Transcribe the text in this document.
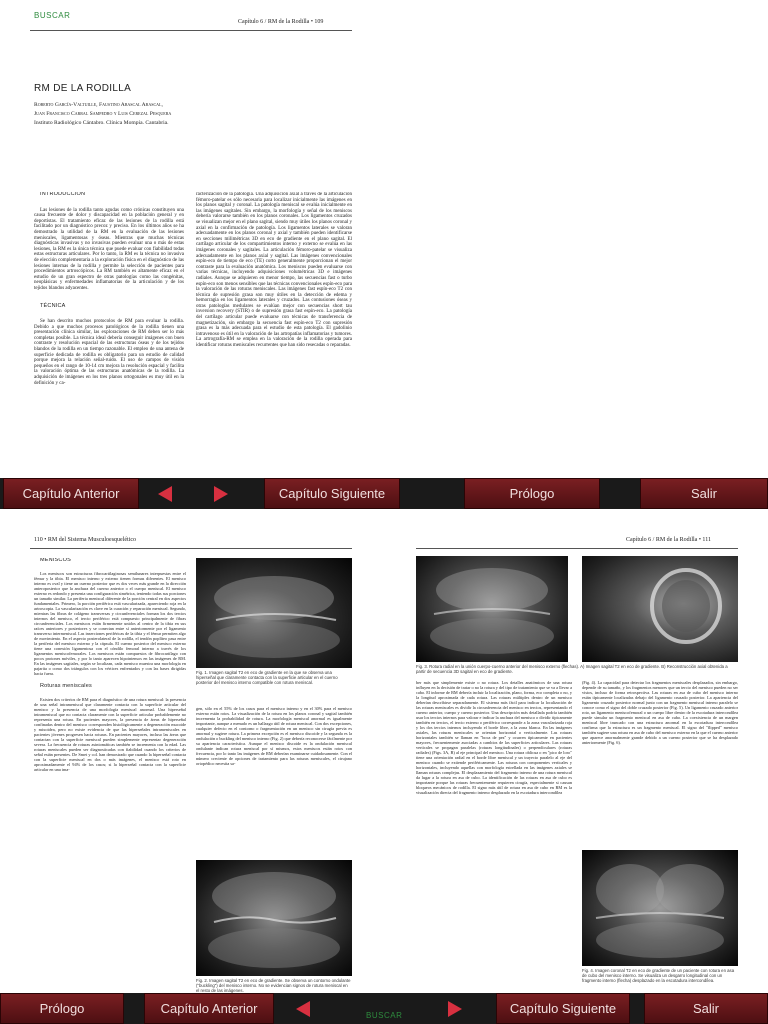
BUSCAR
Capítulo 6 / RM de la Rodilla • 109
RM DE LA RODILLA
Roberto García-Valtuille, Faustino Abascal Abascal,
Juan Francisco Carral Sampedro y Luis Cerezal Pesquera
Instituto Radiológico Cántabro. Clínica Mompía. Cantabria.

INTRODUCCIÓN

Las lesiones de la rodilla tanto agudas como crónicas constituyen una causa frecuente de dolor y discapacidad en la población general y en deportistas. El tratamiento eficaz de las lesiones de la rodilla está facilitado por un diagnóstico precoz y preciso. En los últimos años se ha demostrado la utilidad de la RM en la evaluación de las lesiones meniscales, ligamentosas y óseas. Mientras que muchas técnicas diagnósticas invasivas y no invasivas pueden evaluar una o más de estas lesiones, la RM es la única técnica que puede evaluar con fiabilidad todas estas estructuras articulares. Por lo tanto, la RM es la técnica no invasiva de elección complementaria a la exploración física en el diagnóstico de las lesiones internas de la rodilla y permite la selección de pacientes para procedimientos artroscópicos. La RM también es altamente eficaz en el estudio de un gran espectro de otras patologías como las congénitas, neoplásicas y enfermedades inflamatorias de la articulación y de los tejidos blandos adyacentes.

TÉCNICA

Se han descrito muchos protocolos de RM para evaluar la rodilla. Debido a que muchos procesos patológicos de la rodilla tienen una presentación clínica similar, las exploraciones de RM deben ser lo más completas posible. La técnica ideal debería conseguir imágenes con buen contraste y resolución espacial de las estructuras óseas y de los tejidos blandos de la rodilla en un tiempo razonable. El empleo de una antena de superficie dedicada de rodilla es obligatorio para un estudio de calidad porque mejora la relación señal-ruido. El uso de campos de visión pequeños en el rango de 10-14 cm mejora la resolución espacial y facilita la valoración óptima de las estructuras anatómicas de la rodilla. La adquisición de imágenes en los tres planos ortogonales es muy útil en la definición y ca-

racterización de la patología. Una adquisición axial a través de la articulación fémoro-patelar es sólo necesaria para localizar inicialmente las imágenes en los planos sagital y coronal. La patología meniscal se evalúa inicialmente en las imágenes sagitales. Sin embargo, la morfología y señal de los meniscos debería valorarse también en los planos coronales. Los ligamentos cruzados se visualizan mejor en el plano sagital, siendo muy útiles los planos coronal y axial en la confirmación de patología. Los ligamentos laterales se valoran adecuadamente en los planos coronal y axial y también pueden identificarse en secciones milimétricas 3D en eco de gradiente en el plano sagital. El cartílago articular de los compartimientos interno y externo se evalúa en las imágenes coronales y sagitales. La articulación fémoro-patelar se visualiza adecuadamente en los planos axial y sagital. Las imágenes convencionales espín-eco de tiempo de eco (TE) corto generalmente proporcionan el mejor contraste para la evaluación anatómica. Los meniscos pueden evaluarse con varias técnicas, incluyendo adquisiciones volumétricas 3D e imágenes radiales. Aunque se adquieren en menor tiempo, las secuencias fast o turbo espín-eco son menos sensibles que las técnicas convencionales espín-eco para la valoración de las roturas meniscales. Las imágenes fast espín-eco T2 con técnica de supresión grasa son muy útiles en la detección de edema y hemorragia en los ligamentos laterales y cruzados. Las contusiones óseas y otras patologías medulares se evalúan mejor con secuencias short tau inversion recovery (STIR) o de supresión grasa fast espín-eco. La patología del cartílago articular puede evaluarse con técnicas de transferencia de magnetización, sin embargo la secuencia fast espín-eco T2 con supresión grasa es la más adecuada para el estudio de esta patología. El gadolinio intravenoso es útil en la valoración de las artropatías inflamatorias y tumores. La artrografía-RM se emplea en la valoración de la rodilla operada para identificar roturas meniscales recurrentes que han sido resecadas o reparadas.

Capítulo Anterior	Capítulo Siguiente	Prólogo	Salir
110 • RM del Sistema Musculoesquelético

MENISCOS

Los meniscos son estructuras fibrocartilaginosas semilunares interpuestas entre el fémur y la tibia. El menisco interno y externo tienen formas diferentes. El menisco interno es oval y tiene un cuerno posterior que es dos veces más grande en la dirección anteroposterior que la anchura del cuerno anterior o el cuerpo meniscal. El menisco externo es redondo y presenta una configuración simétrica, teniendo todas sus porciones un tamaño similar. La periferia meniscal diferente de la porción central en dos aspectos fundamentales. Primero, la porción periférica está vascularizada, apareciendo roja en la artroscopia. La vascularización es clave en la curación y reparación meniscal. Segundo, mientras las fibras de colágeno transversas y circunferenciales forman los dos tercios internos del menisco, el tercio periférico está compuesto principalmente de fibras circunferenciales. Los meniscos están firmemente unidos al centro de la tibia en sus raíces anteriores y posteriores y se conectan entre sí anteriormente por el ligamento transverso intermeniscal. Las inserciones periféricas de la tibia y el fémur permiten algo de movimiento. En el aspecto posterolateral de la rodilla, el tendón poplíteo pasa entre la periferia del menisco externo y la cápsula. El cuerno posterior del menisco externo tiene una conexión ligamentosa con el cóndilo femoral interno a través de los ligamentos meniscofemorales. Los meniscos están compuestos de fibrocartílago con pocos protones móviles, y por lo tanto aparecen hipointensos en las imágenes de RM. En las imágenes sagitales, según se localizan, cada menisco muestra una morfología en pajarita o como dos triángulos con los vértices enfrentados y con las bases dirigidas hacia fuera.

Roturas meniscales

Existen dos criterios de RM para el diagnóstico de una rotura meniscal: la presencia de una señal intrameniscal que claramente contacta con la superficie articular del menisco y la presencia de una morfología meniscal anormal. Una hiperseñal intrameniscal que no contacta claramente con la superficie articular probablemente no representa una rotura. En pacientes mayores, la presencia de áreas de hiperseñal confinadas dentro del menisco corresponden histológicamente a degeneración mucoide y mixoidea, pero no existe evidencia de que las hiperseñales intrameniscales en pacientes jóvenes progresen hacia roturas. En pacientes mayores, incluso las áreas que contactan con la superficie meniscal pueden simplemente representar degeneración severa. La frecuencia de roturas asintomáticas también se incrementa con la edad. Las roturas meniscales pueden ser diagnosticadas con fiabilidad cuando los criterios de señal están presentes. De Smet y col. han demostrado que cuando la hiperseñal contacta con la superficie meniscal en dos o más imágenes, el menisco está roto en aproximadamente el 94% de los casos; si la hiperseñal contacta con la superficie articular en una ima-

Fig. 1. Imagen sagital T2 en eco de gradiente en la que se observa una hiperseñal que claramente contacta con la superficie articular en el cuerno posterior del menisco interno compatible con rotura meniscal.

gen, sólo en el 55% de los casos para el menisco interno y en el 30% para el menisco externo están rotos. La visualización de la rotura en los planos coronal y sagital también incrementa la probabilidad de rotura. La morfología meniscal anormal es igualmente importante, aunque a menudo es un hallazgo útil de rotura meniscal. Con dos excepciones, cualquier defecto en el contorno o fragmentación en un menisco sin cirugía previa es anormal y sugiere rotura. La primera excepción es el menisco discoide y la segunda es la ondulación o buckling del menisco interno (Fig. 2) que debería reconocerse fácilmente por su apariencia característica. Aunque el menisco discoide es la ondulación meniscal ondulante indican rotura meniscal por sí mismos, estos meniscos están rotos con frecuencia, por lo tanto las imágenes de RM deberían examinarse cuidadosamente. Con el número creciente de opciones de tratamiento para las roturas meniscales, el cirujano ortopédico necesita sa-

Fig. 2. Imagen sagital T2 en eco de gradiente. Se observa un contorno ondulante ("buckling") del menisco interno. No se evidencian signos de rotura meniscal en el resto de las imágenes.
Capítulo 6 / RM de la Rodilla • 111
Fig. 3. Rotura radial en la unión cuerpo-cuerno anterior del menisco externo (flechas). A) Imagen sagital T2 en eco de gradiente. B) Reconstrucción axial obtenida a partir de secuencia 3D sagital en eco de gradiente.

ber más que simplemente existe o no rotura. Los detalles anatómicos de una rotura influyen en la decisión de tratar o no la rotura y del tipo de tratamiento que se va a llevar a cabo. El informe de RM debería incluir la localización, plano, forma, eco completa o no, y la longitud aproximada de cada rotura. Las roturas múltiples dentro de un menisco deberían describirse separadamente. El sistema más fácil para indicar la localización de las roturas meniscales es dividir la circunferencia del menisco en tercios, representando el cuerno anterior, cuerpo y cuerno posterior. Una descripción más detallada podría también usar los tercios internos para valorar e indicar la anchura del menisco o dividir típicamente también en tercios, el tercio externo o periférico corresponde a la zona vascularizada roja y los dos tercios internos incluyendo el borde libre, a la zona blanca. En las imágenes axiales, las roturas meniscales se orientan horizontal o verticalmente. Las roturas horizontales también se llaman en "boca de pez" y ocurren típicamente en pacientes mayores, frecuentemente asociadas a cambios de las superficies articulares. Las roturas verticales se propagan paralelas (roturas longitudinales) o perpendiculares (roturas radiales) (Figs. 3A, B) al eje principal del menisco. Una rotura oblicua o en "pico de loro" tiene una orientación radial en el borde libre meniscal y un trayecto paralelo al eje del menisco cuando se extiende periféricamente. Las roturas con componentes verticales y horizontales, incluyendo aquellas con morfología estrellada en las imágenes axiales se llaman roturas complejas. El desplazamiento del fragmento interno de una rotura meniscal da lugar a la rotura en asa de cubo. La identificación de las roturas en asa de cubo es importante porque las roturas frecuentemente requieren cirugía, especialmente si causan bloqueos mecánicos de rodilla. El signo más útil de rotura en asa de cubo en RM es la visualización directa del fragmento interno desplazado en la escotadura intercondílea

(Fig. 4). La capacidad para detectar los fragmentos meniscales desplazados, sin embargo, depende de su tamaño, y los fragmentos menores que un tercio del menisco pueden no ser vistos, incluso de forma retrospectiva. Las roturas en asa de cubo del menisco interno están típicamente localizadas debajo del ligamento cruzado posterior. La apariencia del ligamento cruzado posterior normal junto con un fragmento meniscal interno paralelo se conoce como el signo del doble cruzado posterior (Fig. 5). Un ligamento cruzado anterior roto, un ligamento meniscofemoral o un cuerpo libre dentro de la escotadura intercondílea puede simular un fragmento meniscal en asa de cubo. La coexistencia de un margen meniscal libre truncado con una estructura anormal en la escotadura intercondílea confirma que la estructura es un fragmento meniscal. El signo del "flipped" menisco también sugiere una rotura en asa de cubo del menisco externo en la que el cuerno anterior que aparece anormalmente grande debido a un cuerno posterior que se ha desplazado anteriormente (Fig. 6).

Fig. 4. Imagen coronal T2 en eco de gradiente de un paciente con rotura en asa de cubo del menisco interno. Se visualiza un desgarro longitudinal con un fragmento interno (flecha) desplazado en la escotadura intercondílea.
Prólogo	Capítulo Anterior	BUSCAR	Capítulo Siguiente	Salir
